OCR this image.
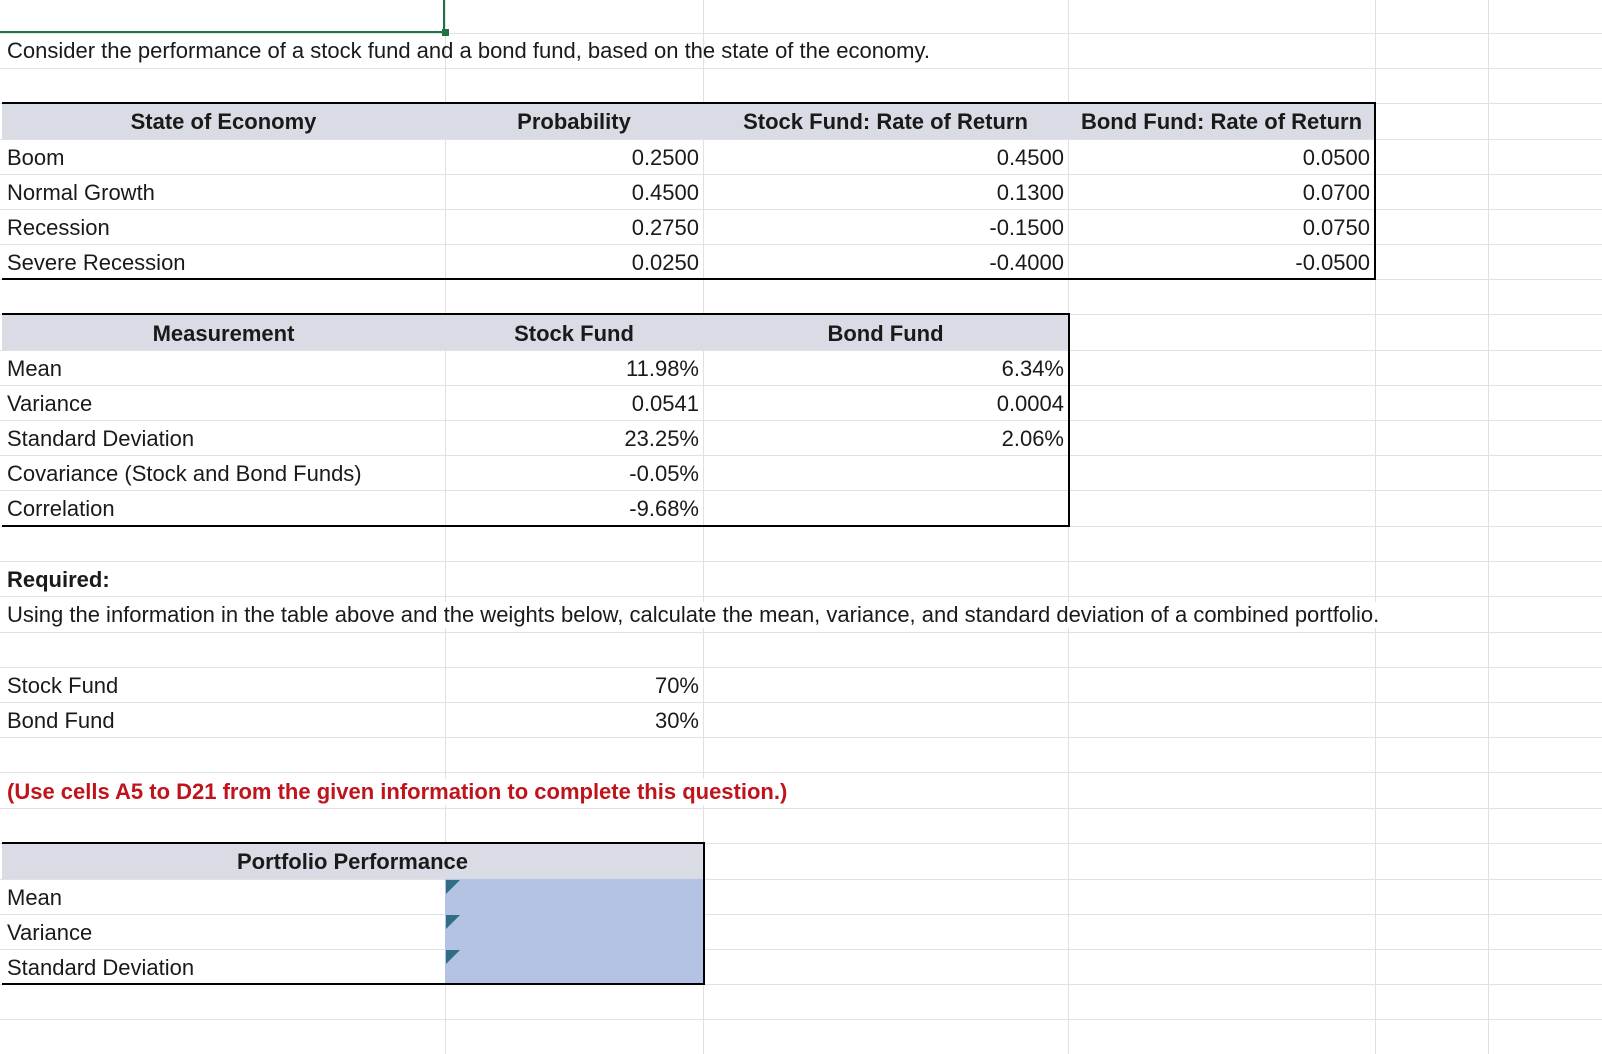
Consider the performance of a stock fund and a bond fund, based on the state of the economy.
State of Economy	Probability	Stock Fund: Rate of Return	Bond Fund: Rate of Return
Boom	0.2500	0.4500	0.0500
Normal Growth	0.4500	0.1300	0.0700
Recession	0.2750	-0.1500	0.0750
Severe Recession	0.0250	-0.4000	-0.0500
Measurement	Stock Fund	Bond Fund
Mean	11.98%	6.34%
Variance	0.0541	0.0004
Standard Deviation	23.25%	2.06%
Covariance (Stock and Bond Funds)	-0.05%
Correlation	-9.68%
Required:
Using the information in the table above and the weights below, calculate the mean, variance, and standard deviation of a combined portfolio.
Stock Fund	70%
Bond Fund	30%
(Use cells A5 to D21 from the given information to complete this question.)
Portfolio Performance
Mean
Variance
Standard Deviation
